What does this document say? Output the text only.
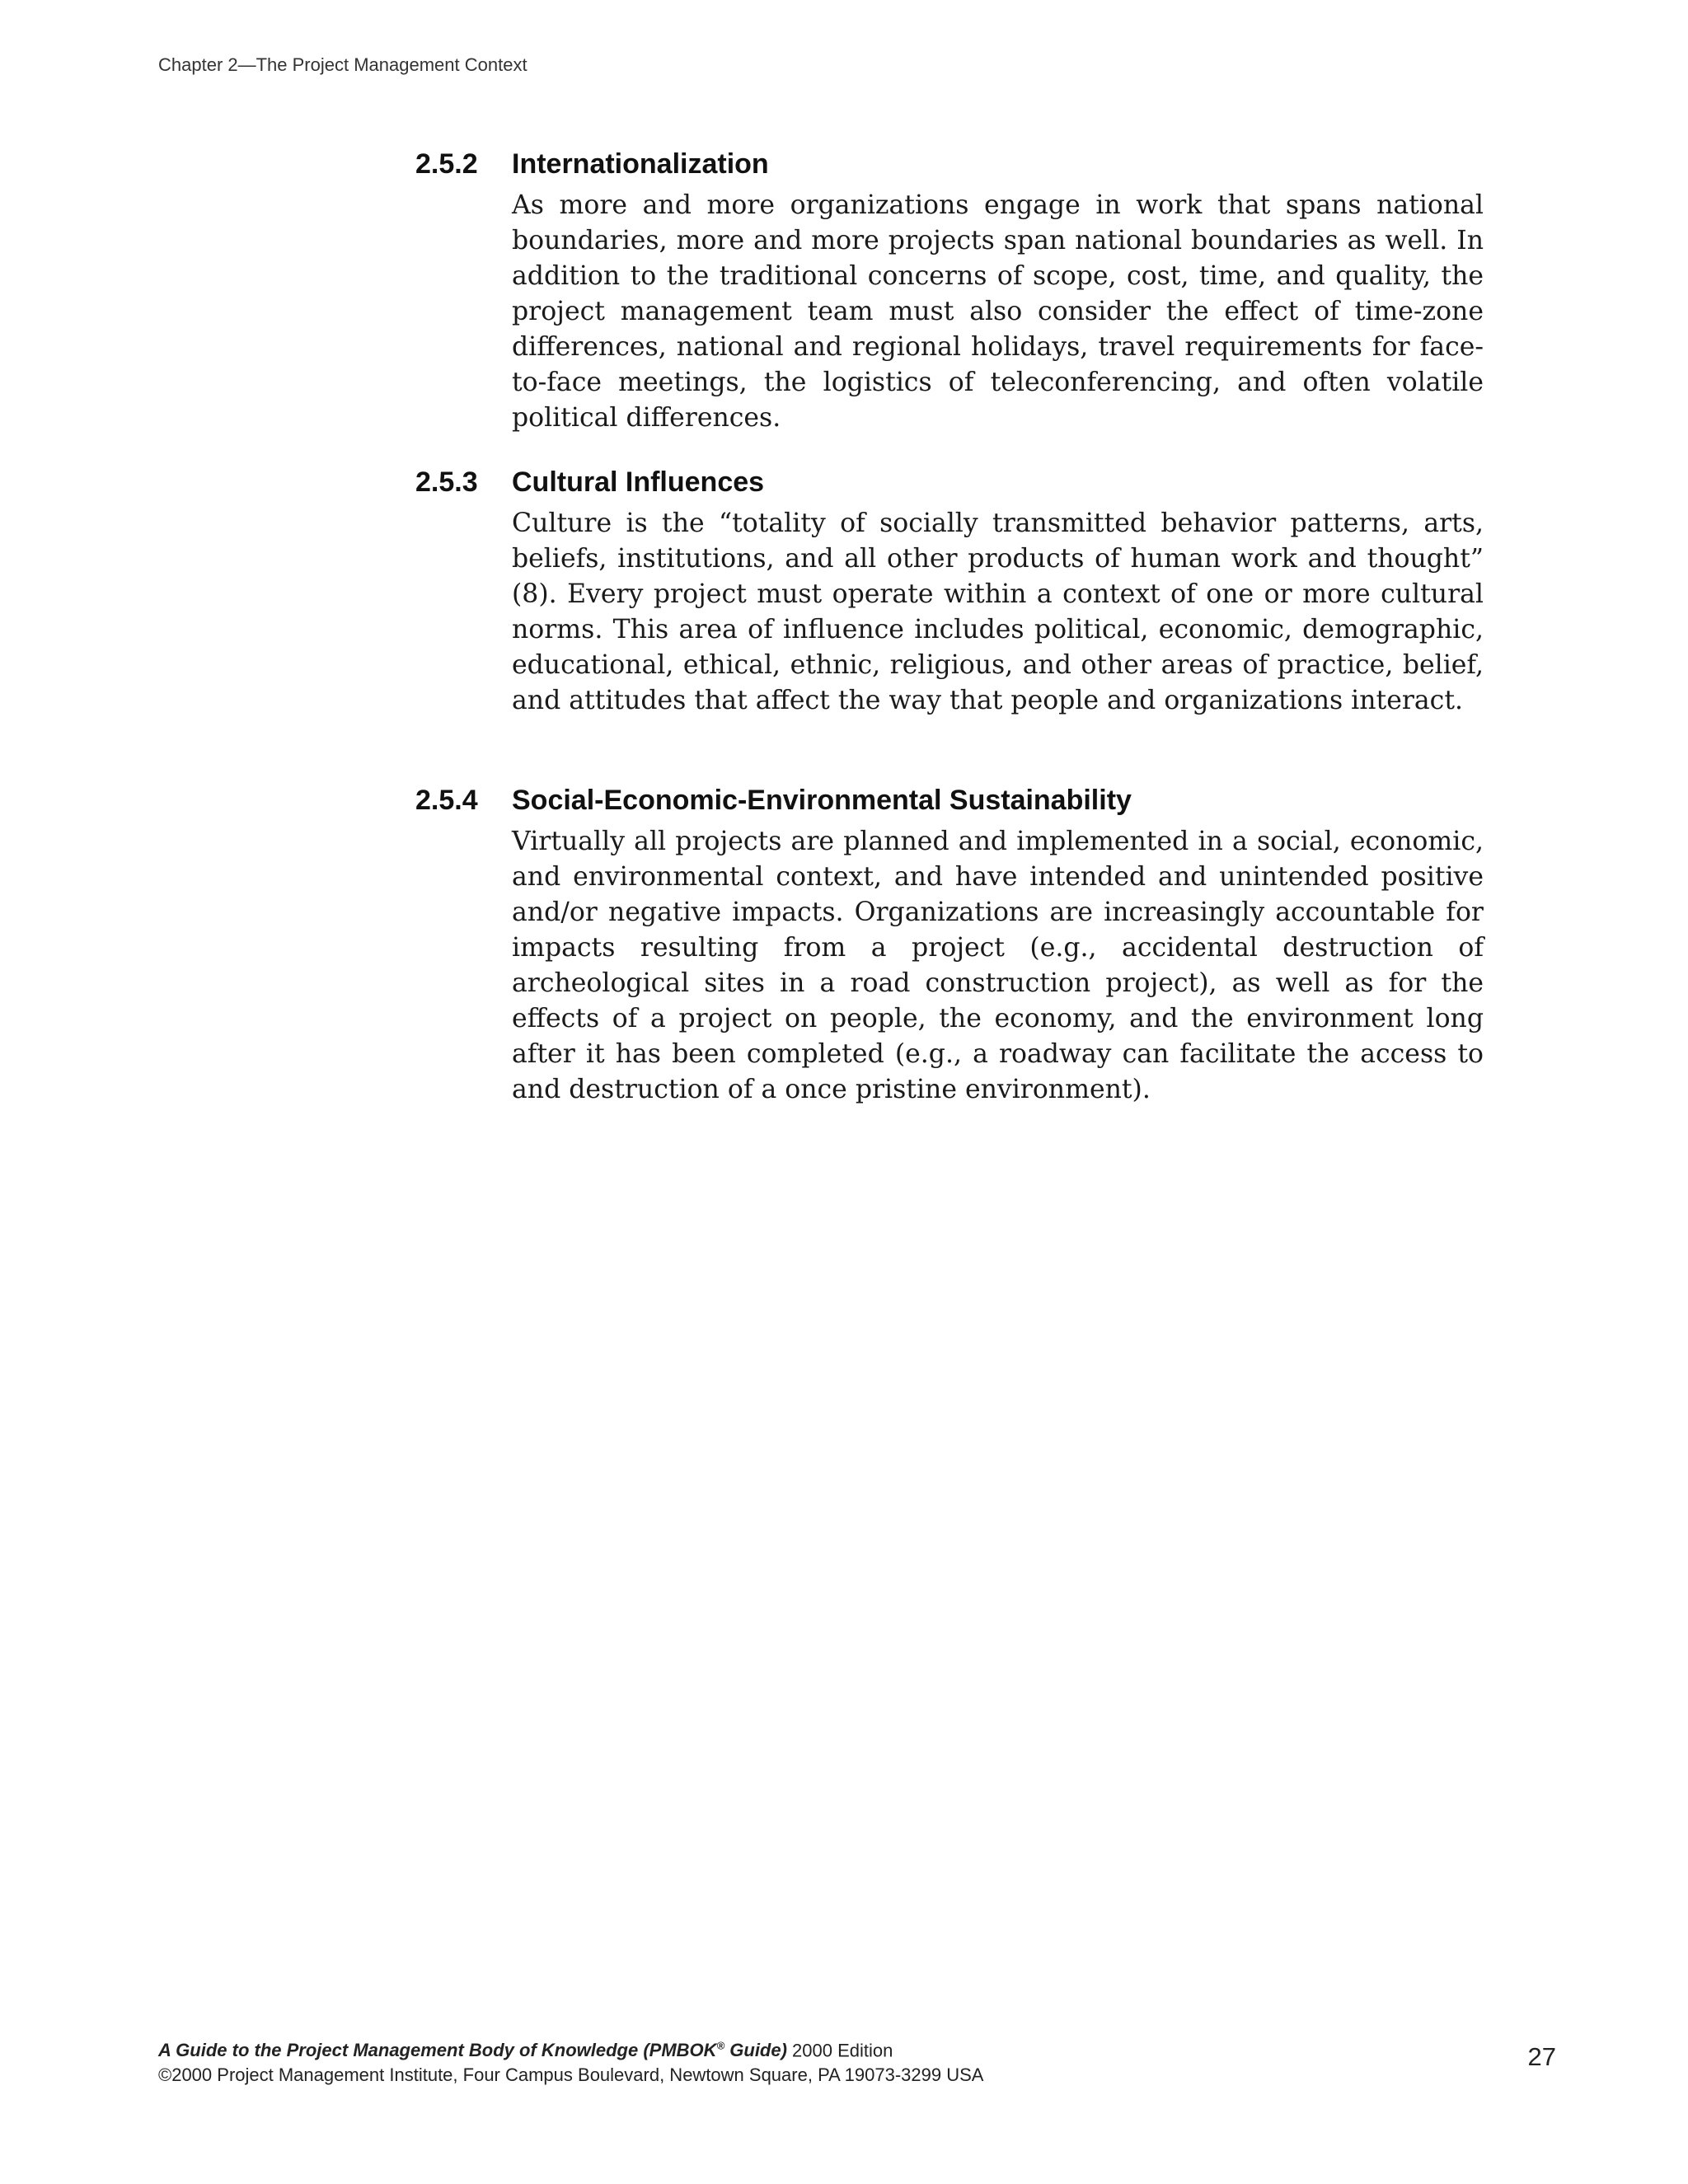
Chapter 2—The Project Management Context
2.5.2	Internationalization
As more and more organizations engage in work that spans national boundaries, more and more projects span national boundaries as well. In addition to the traditional concerns of scope, cost, time, and quality, the project management team must also consider the effect of time-zone differences, national and regional holidays, travel requirements for face-to-face meetings, the logistics of teleconferencing, and often volatile political differences.
2.5.3	Cultural Influences
Culture is the “totality of socially transmitted behavior patterns, arts, beliefs, institutions, and all other products of human work and thought” (8). Every project must operate within a context of one or more cultural norms. This area of influence includes political, economic, demographic, educational, ethical, ethnic, religious, and other areas of practice, belief, and attitudes that affect the way that people and organizations interact.
2.5.4	Social-Economic-Environmental Sustainability
Virtually all projects are planned and implemented in a social, economic, and environmental context, and have intended and unintended positive and/or negative impacts. Organizations are increasingly accountable for impacts resulting from a project (e.g., accidental destruction of archeological sites in a road construction project), as well as for the effects of a project on people, the economy, and the environment long after it has been completed (e.g., a roadway can facilitate the access to and destruction of a once pristine environment).
A Guide to the Project Management Body of Knowledge (PMBOK® Guide) 2000 Edition
©2000 Project Management Institute, Four Campus Boulevard, Newtown Square, PA 19073-3299 USA
27
